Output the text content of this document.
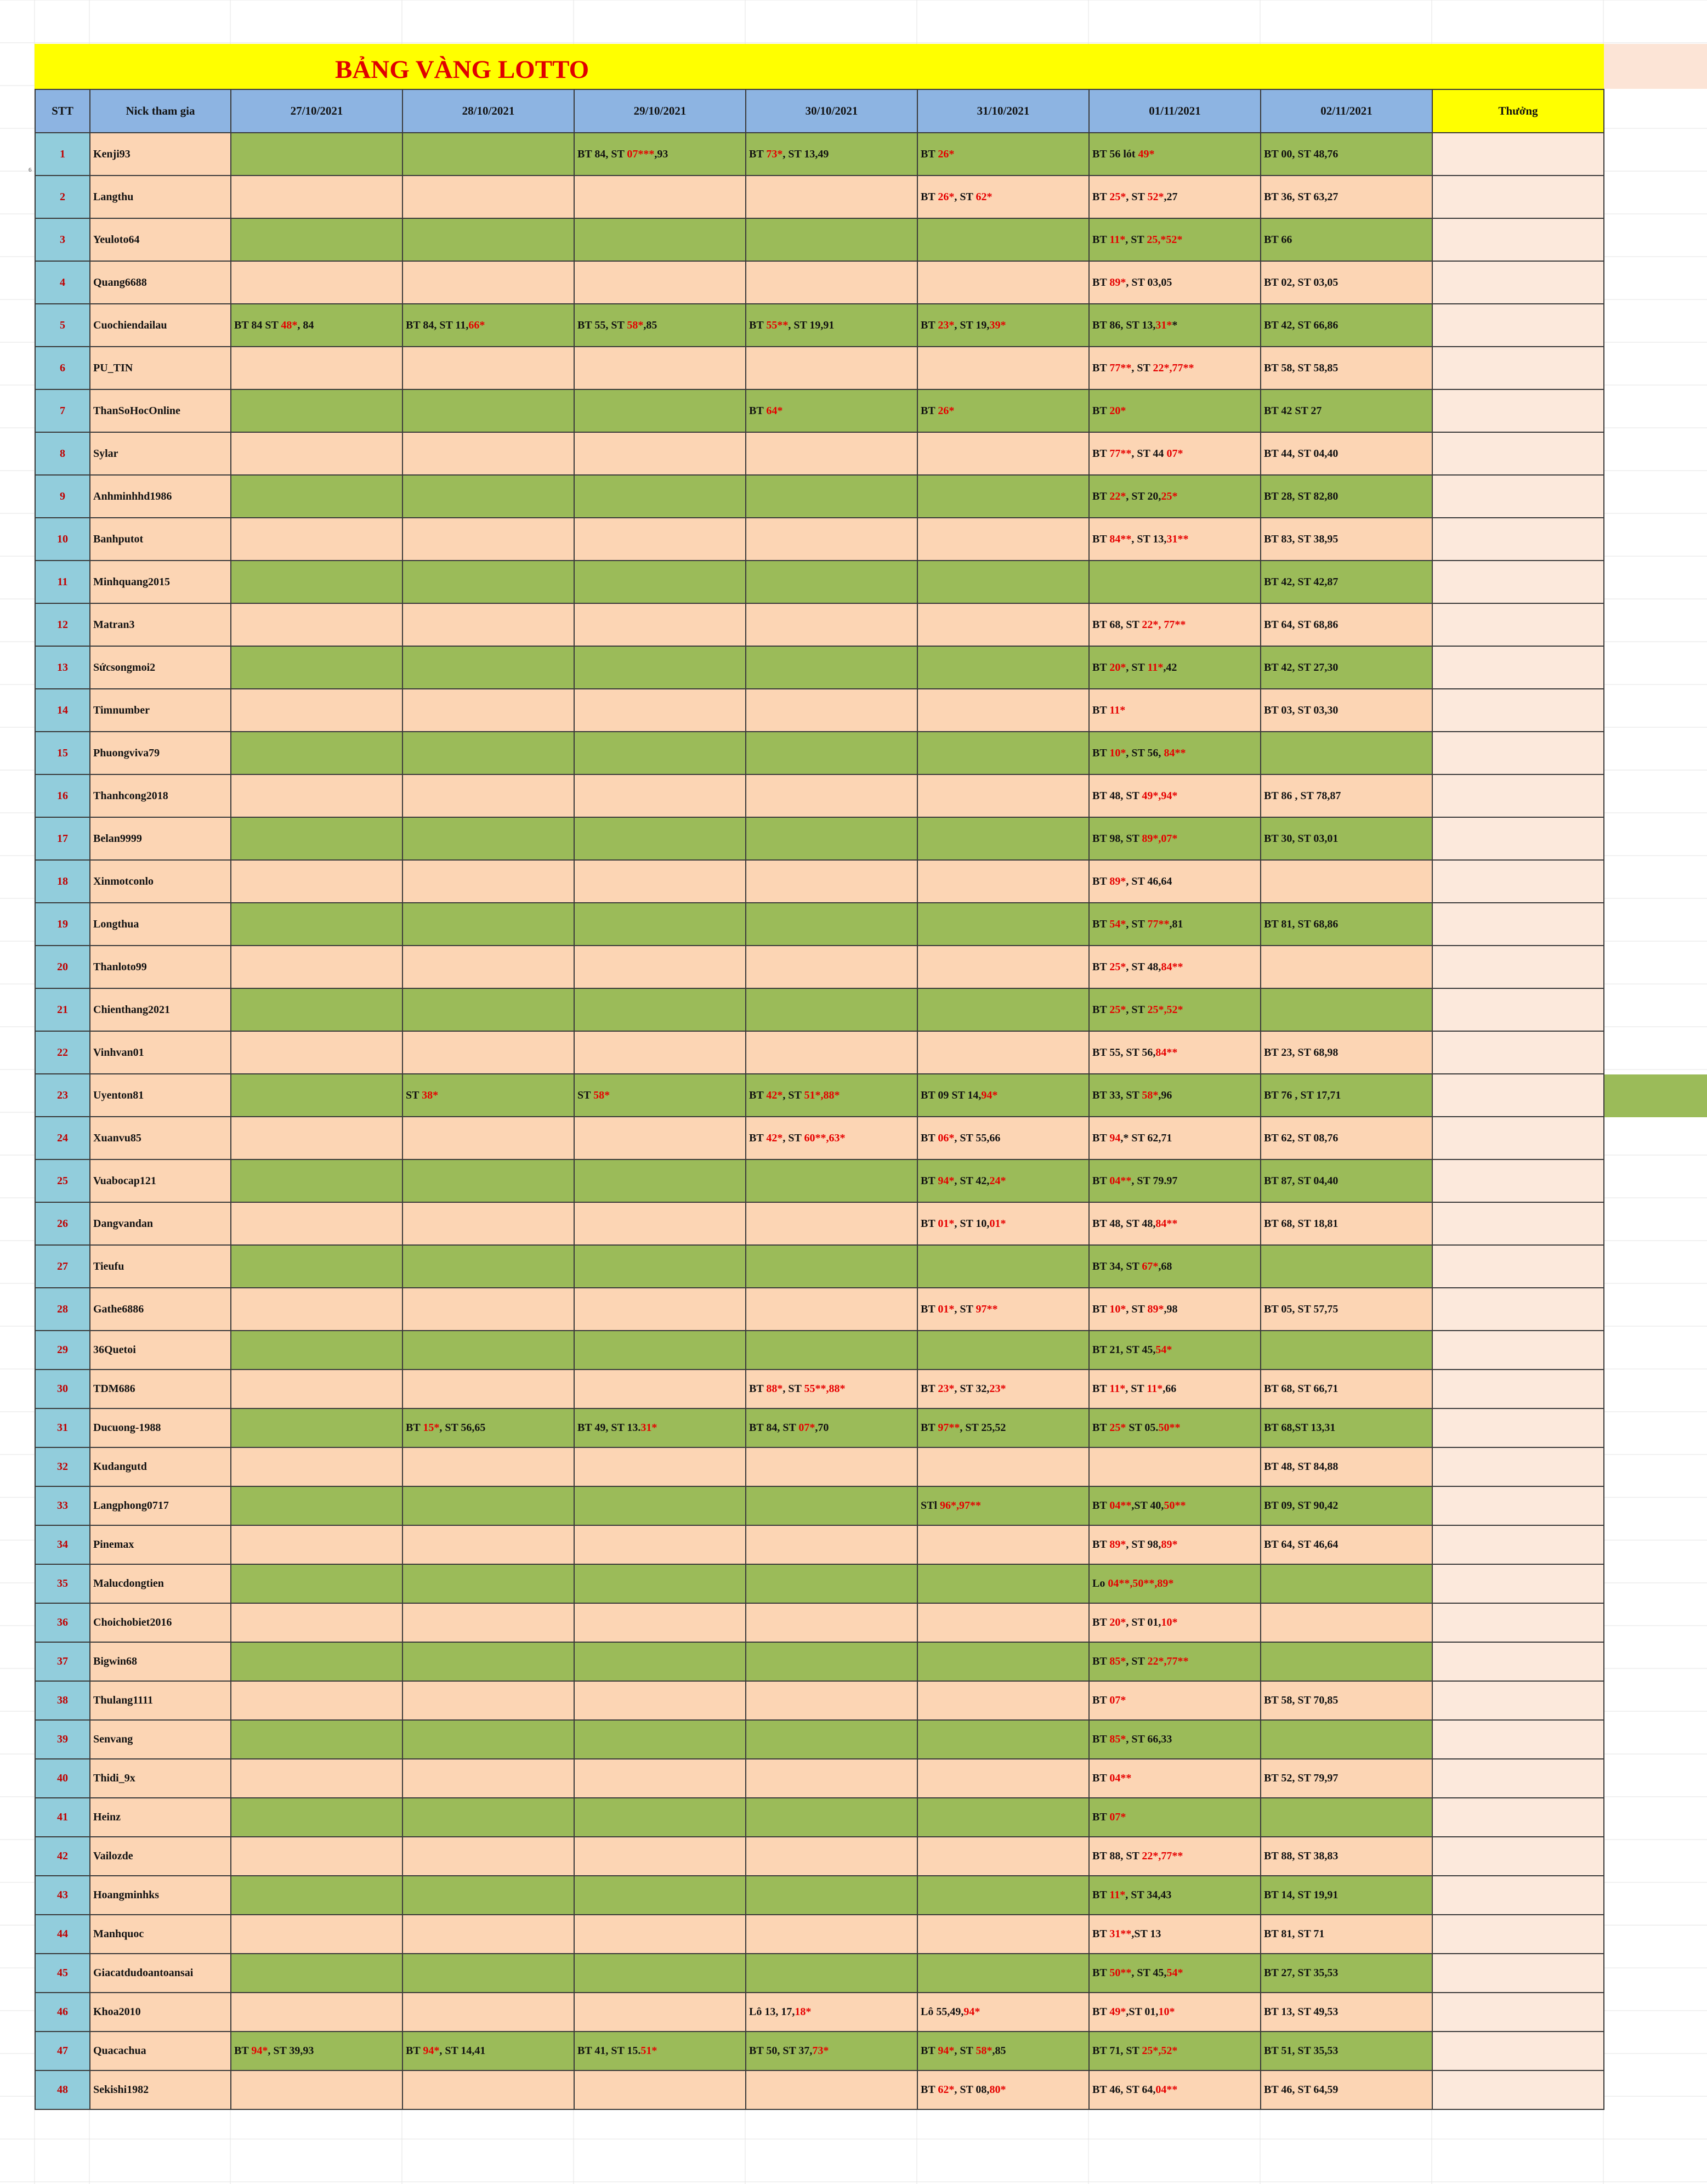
BẢNG VÀNG LOTTO
6
STT	Nick tham gia	27/10/2021	28/10/2021	29/10/2021	30/10/2021	31/10/2021	01/11/2021	02/11/2021	Thưởng
1	Kenji93			BT 84, ST 07***,93	BT 73*, ST 13,49	BT 26*	BT 56 lót 49*	BT 00, ST 48,76	
2	Langthu					BT 26*, ST 62*	BT 25*, ST 52*,27	BT 36, ST 63,27	
3	Yeuloto64						BT 11*, ST 25,*52*	BT 66	
4	Quang6688						BT 89*, ST 03,05	BT 02, ST 03,05	
5	Cuochiendailau	BT 84 ST 48*, 84	BT 84, ST 11,66*	BT 55, ST 58*,85	BT 55**, ST 19,91	BT 23*, ST 19,39*	BT 86, ST 13,31**	BT 42, ST 66,86	
6	PU_TIN						BT 77**, ST 22*,77**	BT 58, ST 58,85	
7	ThanSoHocOnline				BT 64*	BT 26*	BT 20*	BT 42 ST 27	
8	Sylar						BT 77**, ST 44 07*	BT 44, ST 04,40	
9	Anhminhhd1986						BT 22*, ST 20,25*	BT 28, ST 82,80	
10	Banhputot						BT 84**, ST 13,31**	BT 83, ST 38,95	
11	Minhquang2015							BT 42, ST 42,87	
12	Matran3						BT 68, ST 22*, 77**	BT 64, ST 68,86	
13	Sứcsongmoi2						BT 20*, ST 11*,42	BT 42, ST 27,30	
14	Timnumber						BT 11*	BT 03, ST 03,30	
15	Phuongviva79						BT 10*, ST 56, 84**		
16	Thanhcong2018						BT 48, ST 49*,94*	BT 86 , ST 78,87	
17	Belan9999						BT 98, ST 89*,07*	BT 30, ST 03,01	
18	Xinmotconlo						BT 89*, ST 46,64		
19	Longthua						BT 54*, ST 77**,81	BT 81, ST 68,86	
20	Thanloto99						BT 25*, ST 48,84**		
21	Chienthang2021						BT 25*, ST 25*,52*		
22	Vinhvan01						BT 55, ST 56,84**	BT 23, ST 68,98	
23	Uyenton81		ST 38*	ST 58*	BT 42*, ST 51*,88*	BT 09 ST 14,94*	BT 33, ST 58*,96	BT 76 , ST 17,71	
24	Xuanvu85				BT 42*, ST 60**,63*	BT 06*, ST 55,66	BT 94,* ST 62,71	BT 62, ST 08,76	
25	Vuabocap121					BT 94*, ST 42,24*	BT 04**, ST 79.97	BT 87, ST 04,40	
26	Dangvandan					BT 01*, ST 10,01*	BT 48, ST 48,84**	BT 68, ST 18,81	
27	Tieufu						BT 34, ST 67*,68		
28	Gathe6886					BT 01*, ST 97**	BT 10*, ST 89*,98	BT 05, ST 57,75	
29	36Quetoi						BT 21, ST 45,54*		
30	TDM686				BT 88*, ST 55**,88*	BT 23*, ST 32,23*	BT 11*, ST 11*,66	BT 68, ST 66,71	
31	Ducuong-1988		BT 15*, ST 56,65	BT 49, ST 13.31*	BT 84, ST 07*,70	BT 97**, ST 25,52	BT 25* ST 05.50**	BT 68,ST 13,31	
32	Kudangutd							BT 48, ST 84,88	
33	Langphong0717					STl 96*,97**	BT 04**,ST 40,50**	BT 09, ST 90,42	
34	Pinemax						BT 89*, ST 98,89*	BT 64, ST 46,64	
35	Malucdongtien						Lo 04**,50**,89*		
36	Choichobiet2016						BT 20*, ST 01,10*		
37	Bigwin68						BT 85*, ST 22*,77**		
38	Thulang1111						BT 07*	BT 58, ST 70,85	
39	Senvang						BT 85*, ST 66,33		
40	Thidi_9x						BT 04**	BT 52, ST 79,97	
41	Heinz						BT 07*		
42	Vailozde						BT 88, ST 22*,77**	BT 88, ST 38,83	
43	Hoangminhks						BT 11*, ST 34,43	BT 14, ST 19,91	
44	Manhquoc						BT 31**,ST 13	BT 81, ST 71	
45	Giacatdudoantoansai						BT 50**, ST 45,54*	BT 27, ST 35,53	
46	Khoa2010				Lô 13, 17,18*	Lô 55,49,94*	BT 49*,ST 01,10*	BT 13, ST 49,53	
47	Quacachua	BT 94*, ST 39,93	BT 94*, ST 14,41	BT 41, ST 15.51*	BT 50, ST 37,73*	BT 94*, ST 58*,85	BT 71, ST 25*,52*	BT 51, ST 35,53	
48	Sekishi1982					BT 62*, ST 08,80*	BT 46, ST 64,04**	BT 46, ST 64,59	
